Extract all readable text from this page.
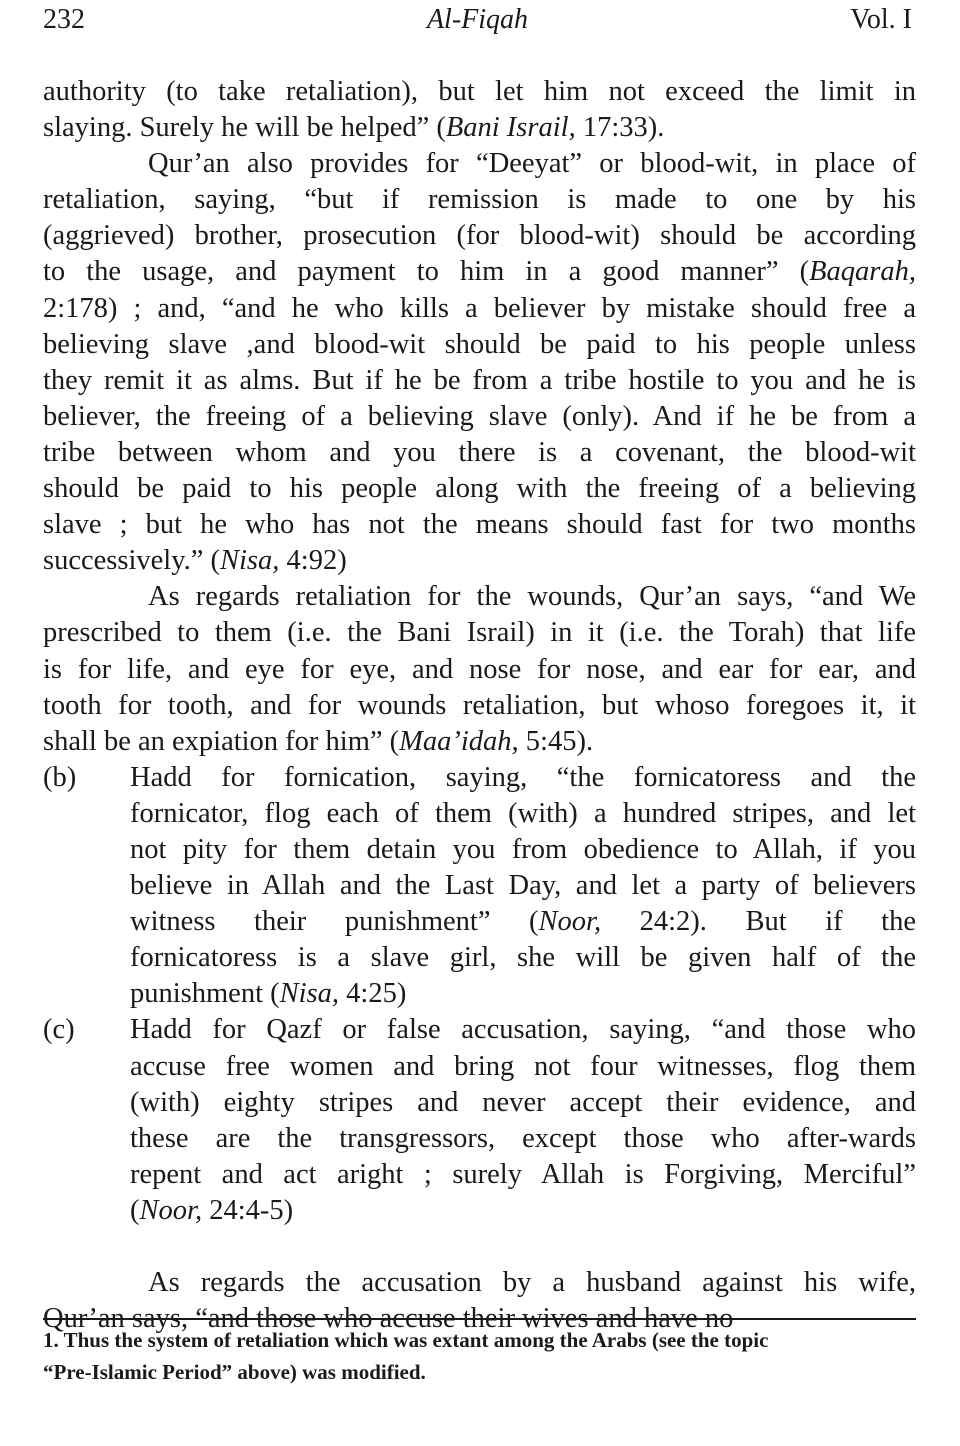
232	Al-Fiqah	Vol. I
authority (to take retaliation), but let him not exceed the limit in
slaying. Surely he will be helped” (Bani Israil, 17:33).
Qur’an also provides for “Deeyat” or blood-wit, in place of
retaliation, saying, “but if remission is made to one by his
(aggrieved) brother, prosecution (for blood-wit) should be according
to the usage, and payment to him in a good manner” (Baqarah,
2:178) ; and, “and he who kills a believer by mistake should free a
believing slave ,and blood-wit should be paid to his people unless
they remit it as alms. But if he be from a tribe hostile to you and he is
believer, the freeing of a believing slave (only). And if he be from a
tribe between whom and you there is a covenant, the blood-wit
should be paid to his people along with the freeing of a believing
slave ; but he who has not the means should fast for two months
successively.” (Nisa, 4:92)
As regards retaliation for the wounds, Qur’an says, “and We
prescribed to them (i.e. the Bani Israil) in it (i.e. the Torah) that life
is for life, and eye for eye, and nose for nose, and ear for ear, and
tooth for tooth, and for wounds retaliation, but whoso foregoes it, it
shall be an expiation for him” (Maa’idah, 5:45).
(b)	Hadd for fornication, saying, “the fornicatoress and the
fornicator, flog each of them (with) a hundred stripes, and let
not pity for them detain you from obedience to Allah, if you
believe in Allah and the Last Day, and let a party of believers
witness their punishment” (Noor, 24:2). But if the
fornicatoress is a slave girl, she will be given half of the
punishment (Nisa, 4:25)
(c)	Hadd for Qazf or false accusation, saying, “and those who
accuse free women and bring not four witnesses, flog them
(with) eighty stripes and never accept their evidence, and
these are the transgressors, except those who after-wards
repent and act aright ; surely Allah is Forgiving, Merciful”
(Noor, 24:4-5)
As regards the accusation by a husband against his wife,
Qur’an says, “and those who accuse their wives and have no
1. Thus the system of retaliation which was extant among the Arabs (see the topic
“Pre-Islamic Period” above) was modified.
